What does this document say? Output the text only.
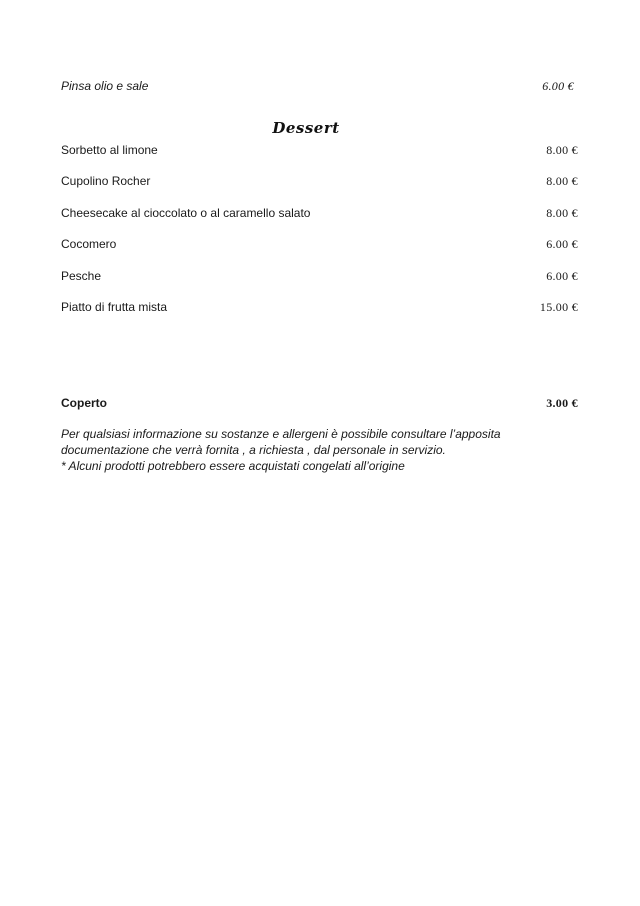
Pinsa olio e sale	6.00 €
Dessert
Sorbetto al limone	8.00 €
Cupolino Rocher	8.00 €
Cheesecake al cioccolato o al caramello salato	8.00 €
Cocomero	6.00 €
Pesche	6.00 €
Piatto di frutta mista	15.00 €
Coperto	3.00 €

Per qualsiasi informazione su sostanze e allergeni è possibile consultare l’apposita

documentazione che verrà fornita , a richiesta , dal personale in servizio.

* Alcuni prodotti potrebbero essere acquistati congelati all’origine
